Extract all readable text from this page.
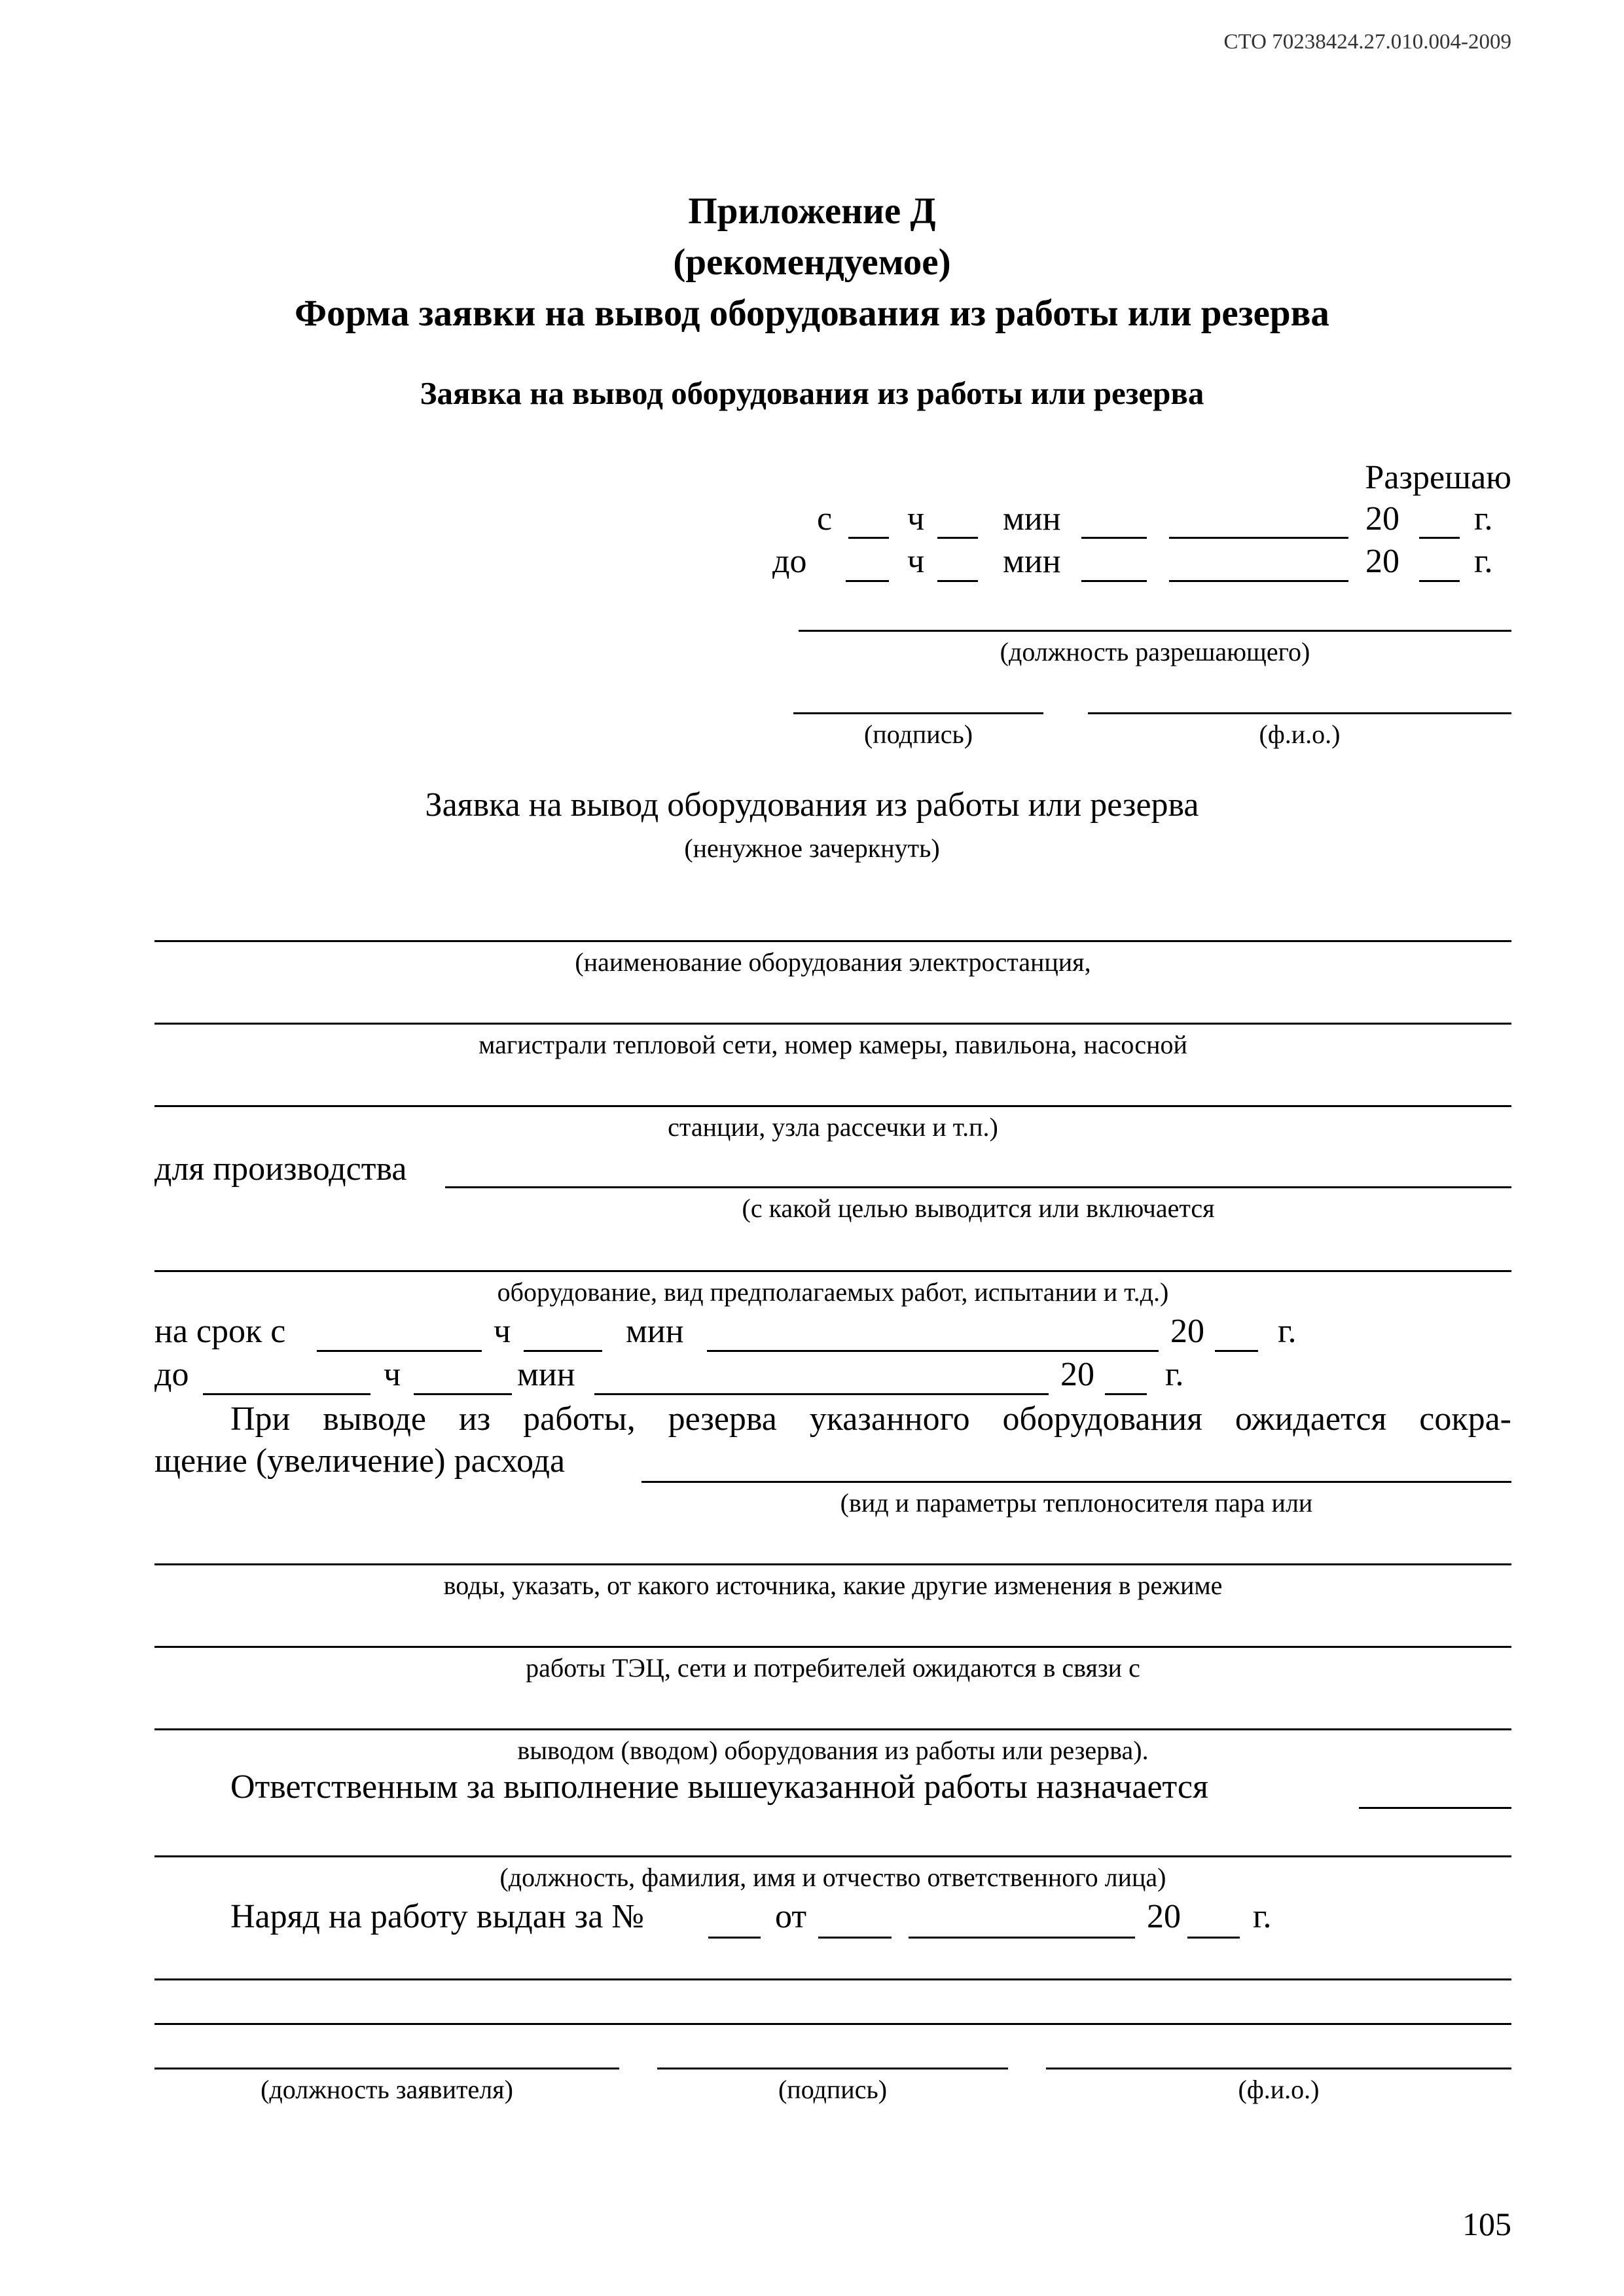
СТО 70238424.27.010.004-2009
Приложение Д
(рекомендуемое)
Форма заявки на вывод оборудования из работы или резерва
Заявка на вывод оборудования из работы или резерва
Разрешаю
с ч мин	20 г.
до	ч мин	20 г.
(должность разрешающего)
(подпись)	(ф.и.о.)
Заявка на вывод оборудования из работы или резерва
(ненужное зачеркнуть)
(наименование оборудования электростанция,
магистрали тепловой сети, номер камеры, павильона, насосной
станции, узла рассечки и т.п.)
для производства
(с какой целью выводится или включается
оборудование, вид предполагаемых работ, испытании и т.д.)
на срок с	ч	мин	20 г.
до	ч	мин	20 г.
При выводе из работы, резерва указанного оборудования ожидается сокра-
щение (увеличение) расхода
(вид и параметры теплоносителя пара или
воды, указать, от какого источника, какие другие изменения в режиме
работы ТЭЦ, сети и потребителей ожидаются в связи с
выводом (вводом) оборудования из работы или резерва).
Ответственным за выполнение вышеуказанной работы назначается
(должность, фамилия, имя и отчество ответственного лица)
Наряд на работу выдан за №	от	20 г.
(должность заявителя)	(подпись)	(ф.и.о.)
105
